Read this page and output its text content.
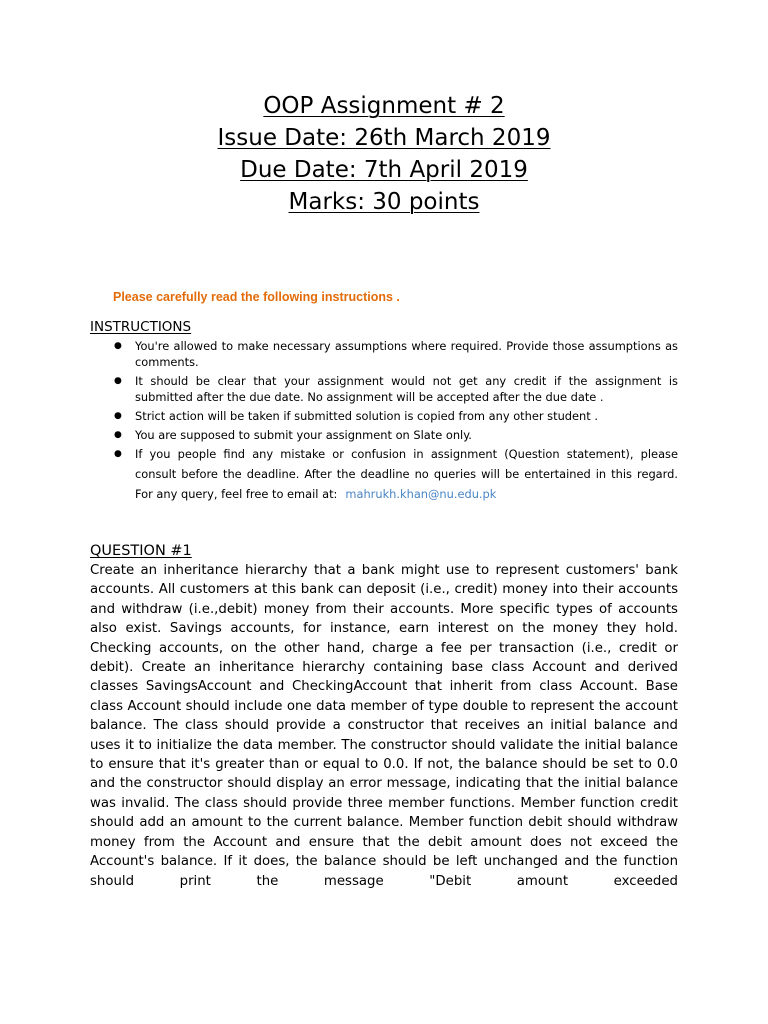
OOP Assignment # 2
Issue Date: 26th March 2019
Due Date: 7th April 2019
Marks: 30 points
Please carefully read the following instructions .
INSTRUCTIONS
● You're allowed to make necessary assumptions where required. Provide those assumptions as comments.
● It should be clear that your assignment would not get any credit if the assignment is submitted after the due date. No assignment will be accepted after the due date .
● Strict action will be taken if submitted solution is copied from any other student .
● You are supposed to submit your assignment on Slate only.
● If you people find any mistake or confusion in assignment (Question statement), please consult before the deadline. After the deadline no queries will be entertained in this regard. For any query, feel free to email at: mahrukh.khan@nu.edu.pk
QUESTION #1

Create an inheritance hierarchy that a bank might use to represent customers' bank accounts. All customers at this bank can deposit (i.e., credit) money into their accounts and withdraw (i.e.,debit) money from their accounts. More specific types of accounts also exist. Savings accounts, for instance, earn interest on the money they hold. Checking accounts, on the other hand, charge a fee per transaction (i.e., credit or debit). Create an inheritance hierarchy containing base class Account and derived classes SavingsAccount and CheckingAccount that inherit from class Account. Base class Account should include one data member of type double to represent the account balance. The class should provide a constructor that receives an initial balance and uses it to initialize the data member. The constructor should validate the initial balance to ensure that it's greater than or equal to 0.0. If not, the balance should be set to 0.0 and the constructor should display an error message, indicating that the initial balance was invalid. The class should provide three member functions. Member function credit should add an amount to the current balance. Member function debit should withdraw money from the Account and ensure that the debit amount does not exceed the Account's balance. If it does, the balance should be left unchanged and the function should print the message "Debit amount exceeded
